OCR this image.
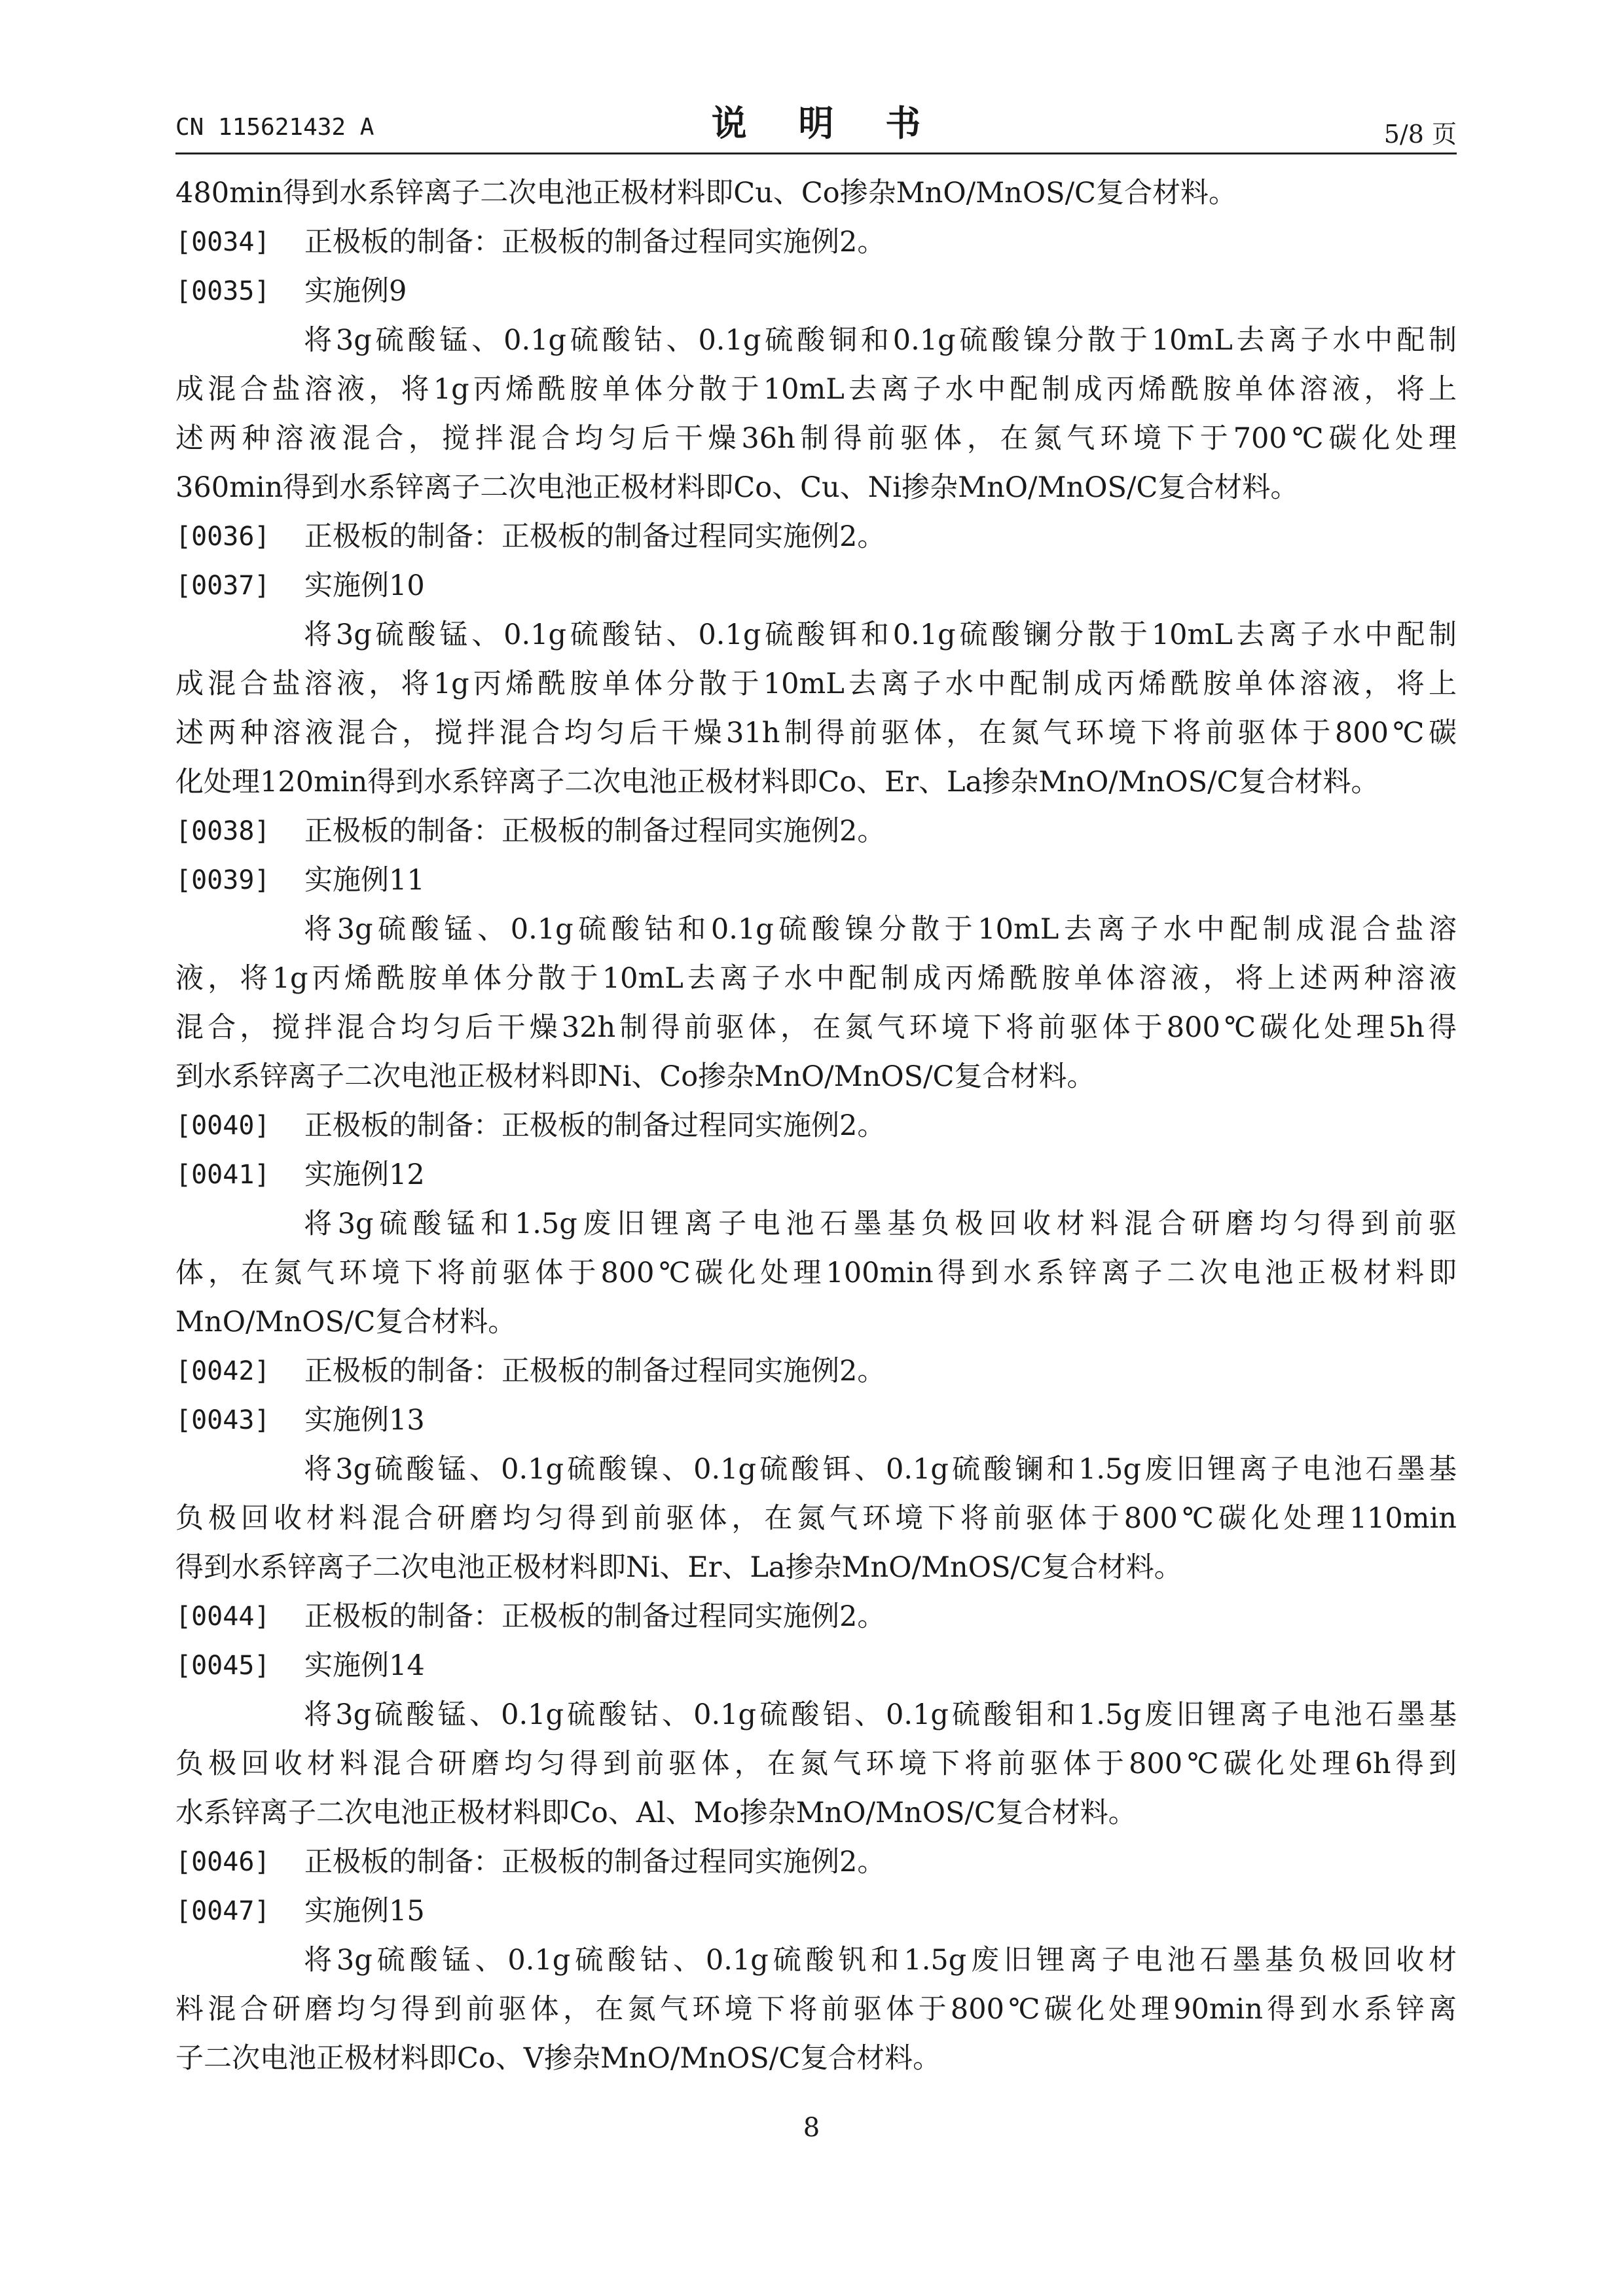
CN 115621432 A	说 明 书	5/8 页
480min得到水系锌离子二次电池正极材料即Cu、Co掺杂MnO/MnOS/C复合材料。
[0034]	正极板的制备：正极板的制备过程同实施例2。
[0035]	实施例9
将3g硫酸锰、0.1g硫酸钴、0.1g硫酸铜和0.1g硫酸镍分散于10mL去离子水中配制
成混合盐溶液，将1g丙烯酰胺单体分散于10mL去离子水中配制成丙烯酰胺单体溶液，将上
述两种溶液混合，搅拌混合均匀后干燥36h制得前驱体，在氮气环境下于700℃碳化处理
360min得到水系锌离子二次电池正极材料即Co、Cu、Ni掺杂MnO/MnOS/C复合材料。
[0036]	正极板的制备：正极板的制备过程同实施例2。
[0037]	实施例10
将3g硫酸锰、0.1g硫酸钴、0.1g硫酸铒和0.1g硫酸镧分散于10mL去离子水中配制
成混合盐溶液，将1g丙烯酰胺单体分散于10mL去离子水中配制成丙烯酰胺单体溶液，将上
述两种溶液混合，搅拌混合均匀后干燥31h制得前驱体，在氮气环境下将前驱体于800℃碳
化处理120min得到水系锌离子二次电池正极材料即Co、Er、La掺杂MnO/MnOS/C复合材料。
[0038]	正极板的制备：正极板的制备过程同实施例2。
[0039]	实施例11
将3g硫酸锰、0.1g硫酸钴和0.1g硫酸镍分散于10mL去离子水中配制成混合盐溶
液，将1g丙烯酰胺单体分散于10mL去离子水中配制成丙烯酰胺单体溶液，将上述两种溶液
混合，搅拌混合均匀后干燥32h制得前驱体，在氮气环境下将前驱体于800℃碳化处理5h得
到水系锌离子二次电池正极材料即Ni、Co掺杂MnO/MnOS/C复合材料。
[0040]	正极板的制备：正极板的制备过程同实施例2。
[0041]	实施例12
将3g硫酸锰和1.5g废旧锂离子电池石墨基负极回收材料混合研磨均匀得到前驱
体，在氮气环境下将前驱体于800℃碳化处理100min得到水系锌离子二次电池正极材料即
MnO/MnOS/C复合材料。
[0042]	正极板的制备：正极板的制备过程同实施例2。
[0043]	实施例13
将3g硫酸锰、0.1g硫酸镍、0.1g硫酸铒、0.1g硫酸镧和1.5g废旧锂离子电池石墨基
负极回收材料混合研磨均匀得到前驱体，在氮气环境下将前驱体于800℃碳化处理110min
得到水系锌离子二次电池正极材料即Ni、Er、La掺杂MnO/MnOS/C复合材料。
[0044]	正极板的制备：正极板的制备过程同实施例2。
[0045]	实施例14
将3g硫酸锰、0.1g硫酸钴、0.1g硫酸铝、0.1g硫酸钼和1.5g废旧锂离子电池石墨基
负极回收材料混合研磨均匀得到前驱体，在氮气环境下将前驱体于800℃碳化处理6h得到
水系锌离子二次电池正极材料即Co、Al、Mo掺杂MnO/MnOS/C复合材料。
[0046]	正极板的制备：正极板的制备过程同实施例2。
[0047]	实施例15
将3g硫酸锰、0.1g硫酸钴、0.1g硫酸钒和1.5g废旧锂离子电池石墨基负极回收材
料混合研磨均匀得到前驱体，在氮气环境下将前驱体于800℃碳化处理90min得到水系锌离
子二次电池正极材料即Co、V掺杂MnO/MnOS/C复合材料。
8
